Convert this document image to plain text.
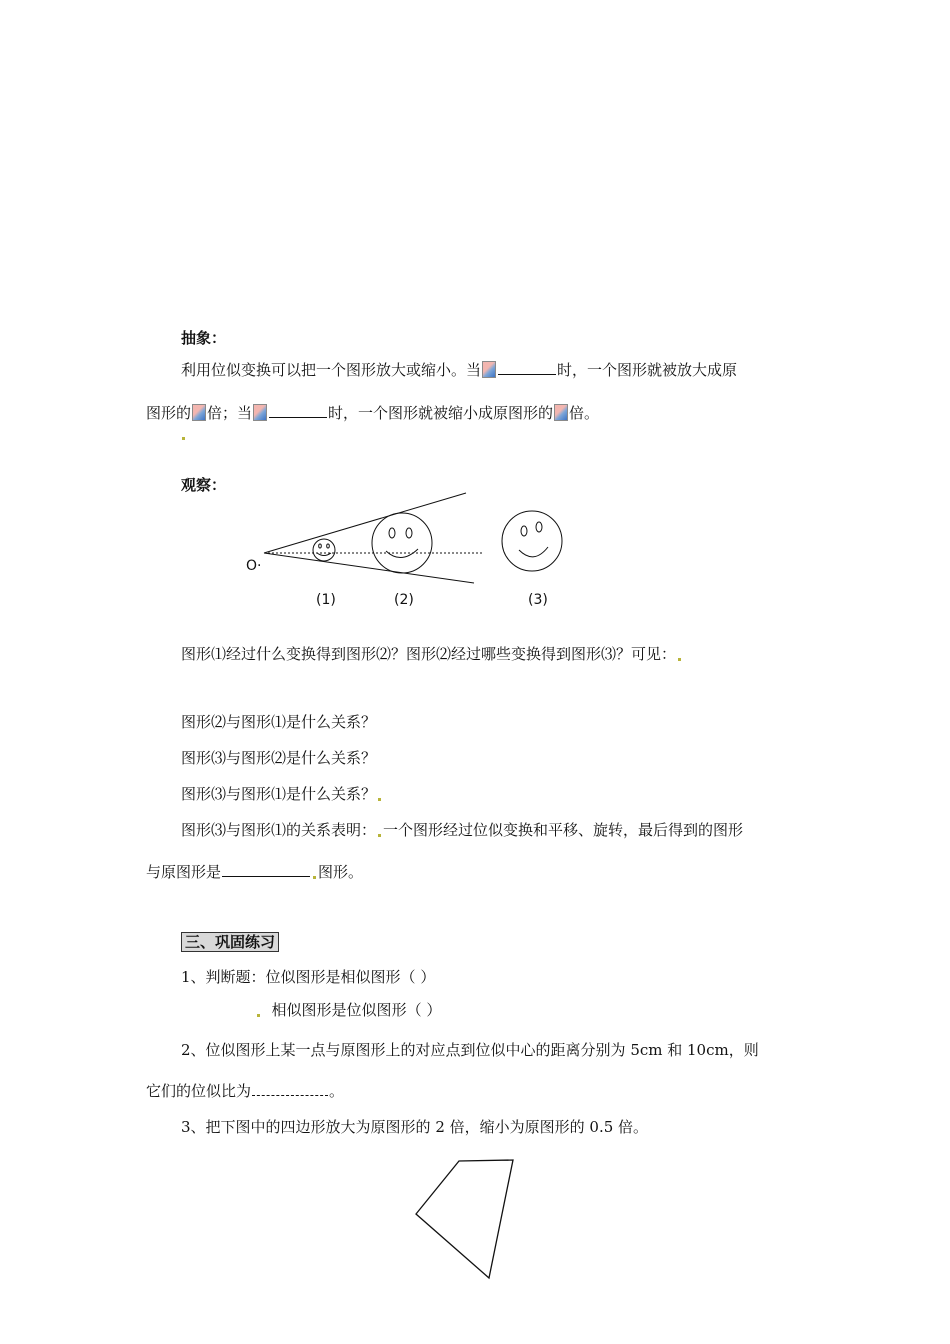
抽象：
利用位似变换可以把一个图形放大或缩小。当	时，一个图形就被放大成原
图形的 倍；当	时，一个图形就被缩小成原图形的 倍。
观察：
O·
(1)	(2)	(3)
图形⑴经过什么变换得到图形⑵？图形⑵经过哪些变换得到图形⑶？可见：
图形⑵与图形⑴是什么关系？
图形⑶与图形⑵是什么关系？
图形⑶与图形⑴是什么关系？
图形⑶与图形⑴的关系表明： 一个图形经过位似变换和平移、旋转，最后得到的图形
与原图形是	图形。
三、巩固练习
1、判断题：位似图形是相似图形（ ）
相似图形是位似图形（ ）
2、位似图形上某一点与原图形上的对应点到位似中心的距离分别为 5cm 和 10cm，则
它们的位似比为	。
3、把下图中的四边形放大为原图形的 2 倍，缩小为原图形的 0.5 倍。
